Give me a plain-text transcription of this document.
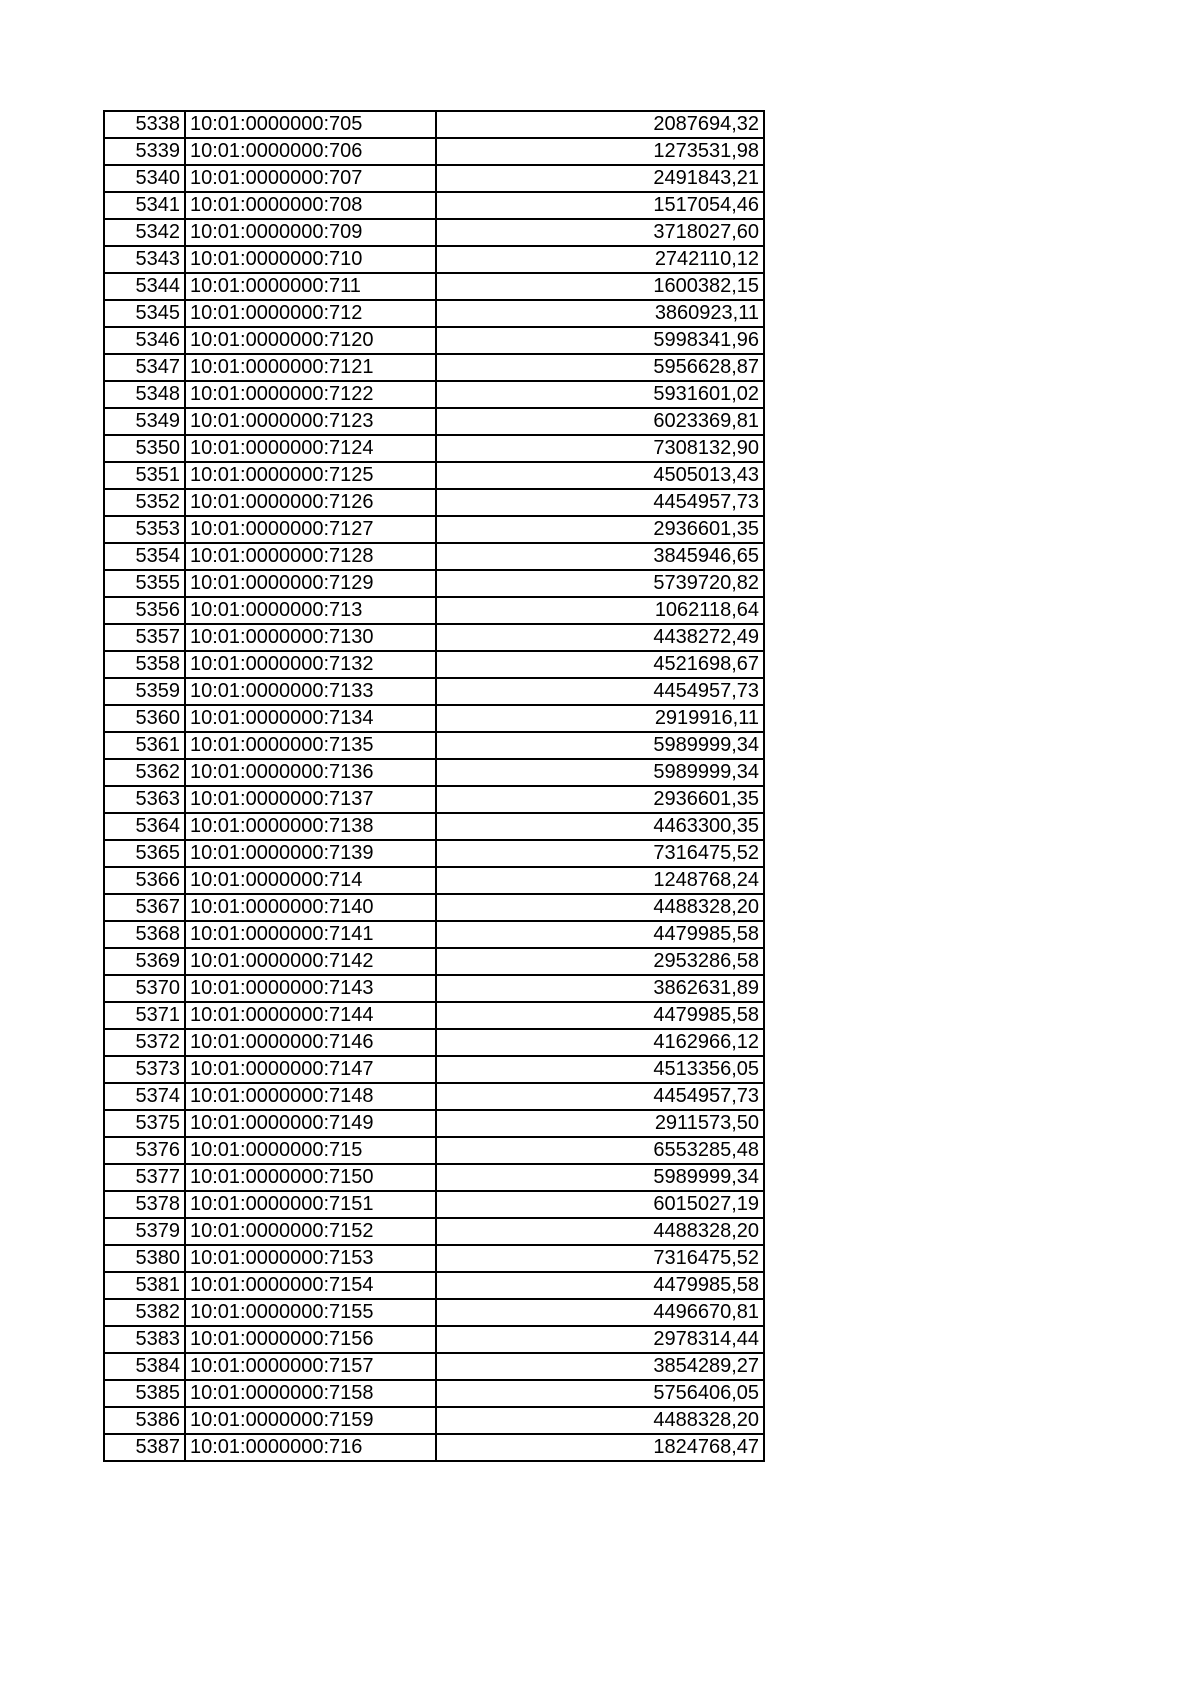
5338	10:01:0000000:705	2087694,32
5339	10:01:0000000:706	1273531,98
5340	10:01:0000000:707	2491843,21
5341	10:01:0000000:708	1517054,46
5342	10:01:0000000:709	3718027,60
5343	10:01:0000000:710	2742110,12
5344	10:01:0000000:711	1600382,15
5345	10:01:0000000:712	3860923,11
5346	10:01:0000000:7120	5998341,96
5347	10:01:0000000:7121	5956628,87
5348	10:01:0000000:7122	5931601,02
5349	10:01:0000000:7123	6023369,81
5350	10:01:0000000:7124	7308132,90
5351	10:01:0000000:7125	4505013,43
5352	10:01:0000000:7126	4454957,73
5353	10:01:0000000:7127	2936601,35
5354	10:01:0000000:7128	3845946,65
5355	10:01:0000000:7129	5739720,82
5356	10:01:0000000:713	1062118,64
5357	10:01:0000000:7130	4438272,49
5358	10:01:0000000:7132	4521698,67
5359	10:01:0000000:7133	4454957,73
5360	10:01:0000000:7134	2919916,11
5361	10:01:0000000:7135	5989999,34
5362	10:01:0000000:7136	5989999,34
5363	10:01:0000000:7137	2936601,35
5364	10:01:0000000:7138	4463300,35
5365	10:01:0000000:7139	7316475,52
5366	10:01:0000000:714	1248768,24
5367	10:01:0000000:7140	4488328,20
5368	10:01:0000000:7141	4479985,58
5369	10:01:0000000:7142	2953286,58
5370	10:01:0000000:7143	3862631,89
5371	10:01:0000000:7144	4479985,58
5372	10:01:0000000:7146	4162966,12
5373	10:01:0000000:7147	4513356,05
5374	10:01:0000000:7148	4454957,73
5375	10:01:0000000:7149	2911573,50
5376	10:01:0000000:715	6553285,48
5377	10:01:0000000:7150	5989999,34
5378	10:01:0000000:7151	6015027,19
5379	10:01:0000000:7152	4488328,20
5380	10:01:0000000:7153	7316475,52
5381	10:01:0000000:7154	4479985,58
5382	10:01:0000000:7155	4496670,81
5383	10:01:0000000:7156	2978314,44
5384	10:01:0000000:7157	3854289,27
5385	10:01:0000000:7158	5756406,05
5386	10:01:0000000:7159	4488328,20
5387	10:01:0000000:716	1824768,47
